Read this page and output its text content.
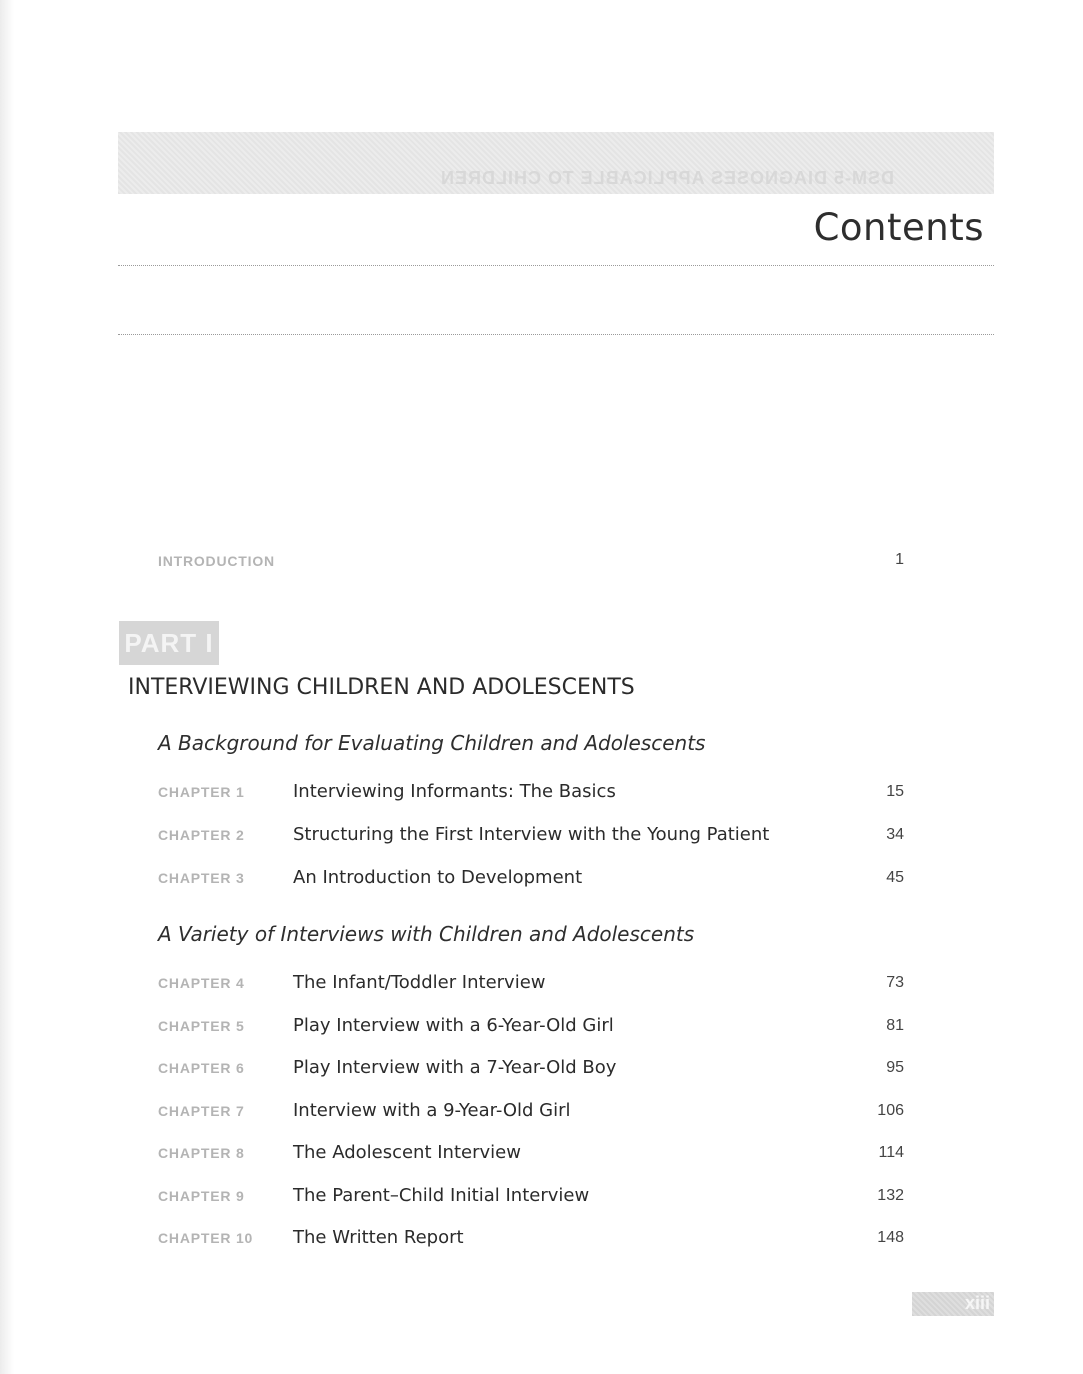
DSM-5 DIAGNOSES APPLICABLE TO CHILDREN
Contents
INTRODUCTION	1
PART I
INTERVIEWING CHILDREN AND ADOLESCENTS
A Background for Evaluating Children and Adolescents
CHAPTER 1	Interviewing Informants: The Basics	15
CHAPTER 2	Structuring the First Interview with the Young Patient	34
CHAPTER 3	An Introduction to Development	45
A Variety of Interviews with Children and Adolescents
CHAPTER 4	The Infant/Toddler Interview	73
CHAPTER 5	Play Interview with a 6-Year-Old Girl	81
CHAPTER 6	Play Interview with a 7-Year-Old Boy	95
CHAPTER 7	Interview with a 9-Year-Old Girl	106
CHAPTER 8	The Adolescent Interview	114
CHAPTER 9	The Parent–Child Initial Interview	132
CHAPTER 10 The Written Report	148
xiii
